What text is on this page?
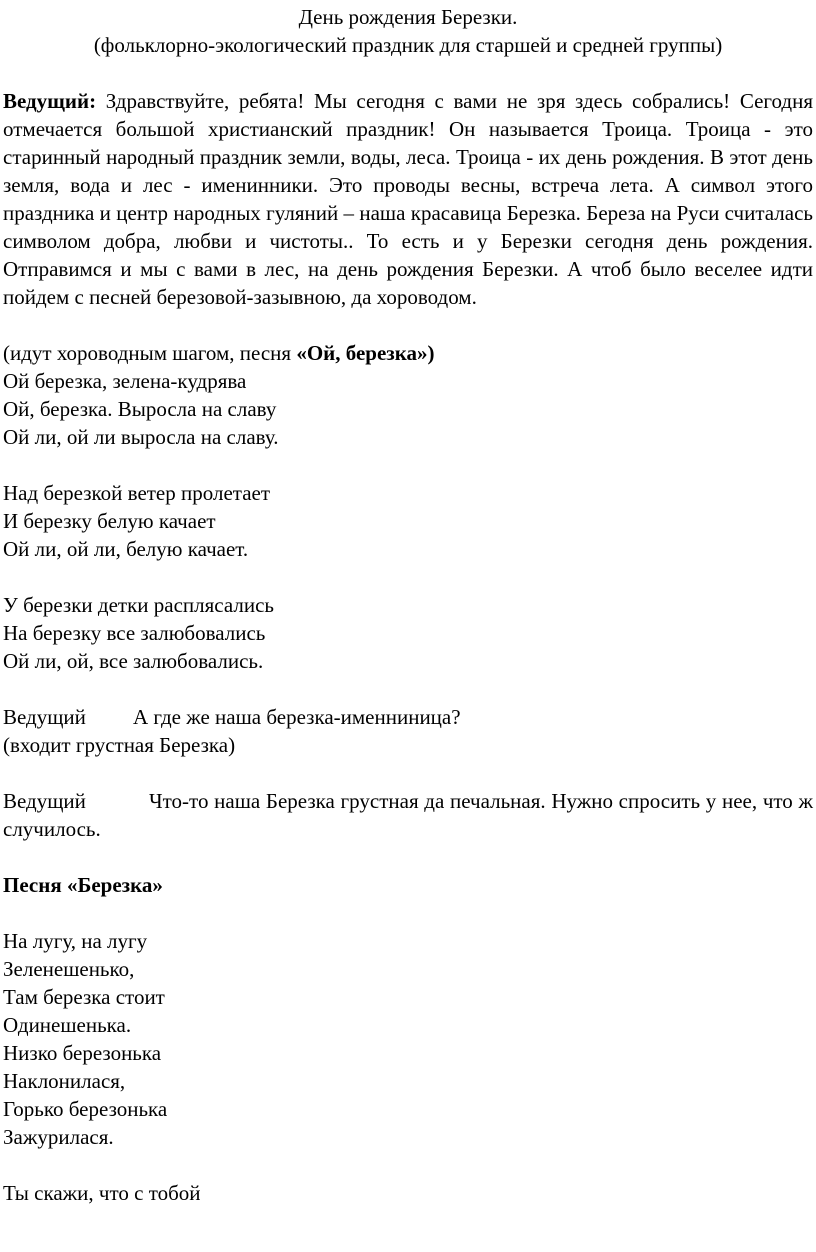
День рождения Березки.

(фольклорно-экологический праздник для старшей и средней группы)

Ведущий: Здравствуйте, ребята! Мы сегодня с вами не зря здесь собрались! Сегодня отмечается большой христианский праздник! Он называется Троица. Троица - это старинный народный праздник земли, воды, леса. Троица - их день рождения. В этот день земля, вода и лес - именинники. Это проводы весны, встреча лета. А символ этого праздника и центр народных гуляний – наша красавица Березка. Береза на Руси считалась символом добра, любви и чистоты.. То есть и у Березки сегодня день рождения. Отправимся и мы с вами в лес, на день рождения Березки. А чтоб было веселее идти пойдем с песней березовой-зазывною, да хороводом.

(идут хороводным шагом, песня «Ой, березка»)

Ой березка, зелена-кудрява
Ой, березка. Выросла на славу
Ой ли, ой ли выросла на славу.
Над березкой ветер пролетает
И березку белую качает
Ой ли, ой ли, белую качает.
У березки детки расплясались
На березку все залюбовались
Ой ли, ой, все залюбовались.

Ведущий А где же наша березка-именниница?

(входит грустная Березка)

Ведущий	Что-то наша Березка грустная да печальная. Нужно спросить у нее, что ж случилось.

Песня «Березка»

На лугу, на лугу
Зеленешенько,
Там березка стоит
Одинешенька.
Низко березонька
Наклонилася,
Горько березонька
Зажурилася.
Ты скажи, что с тобой
